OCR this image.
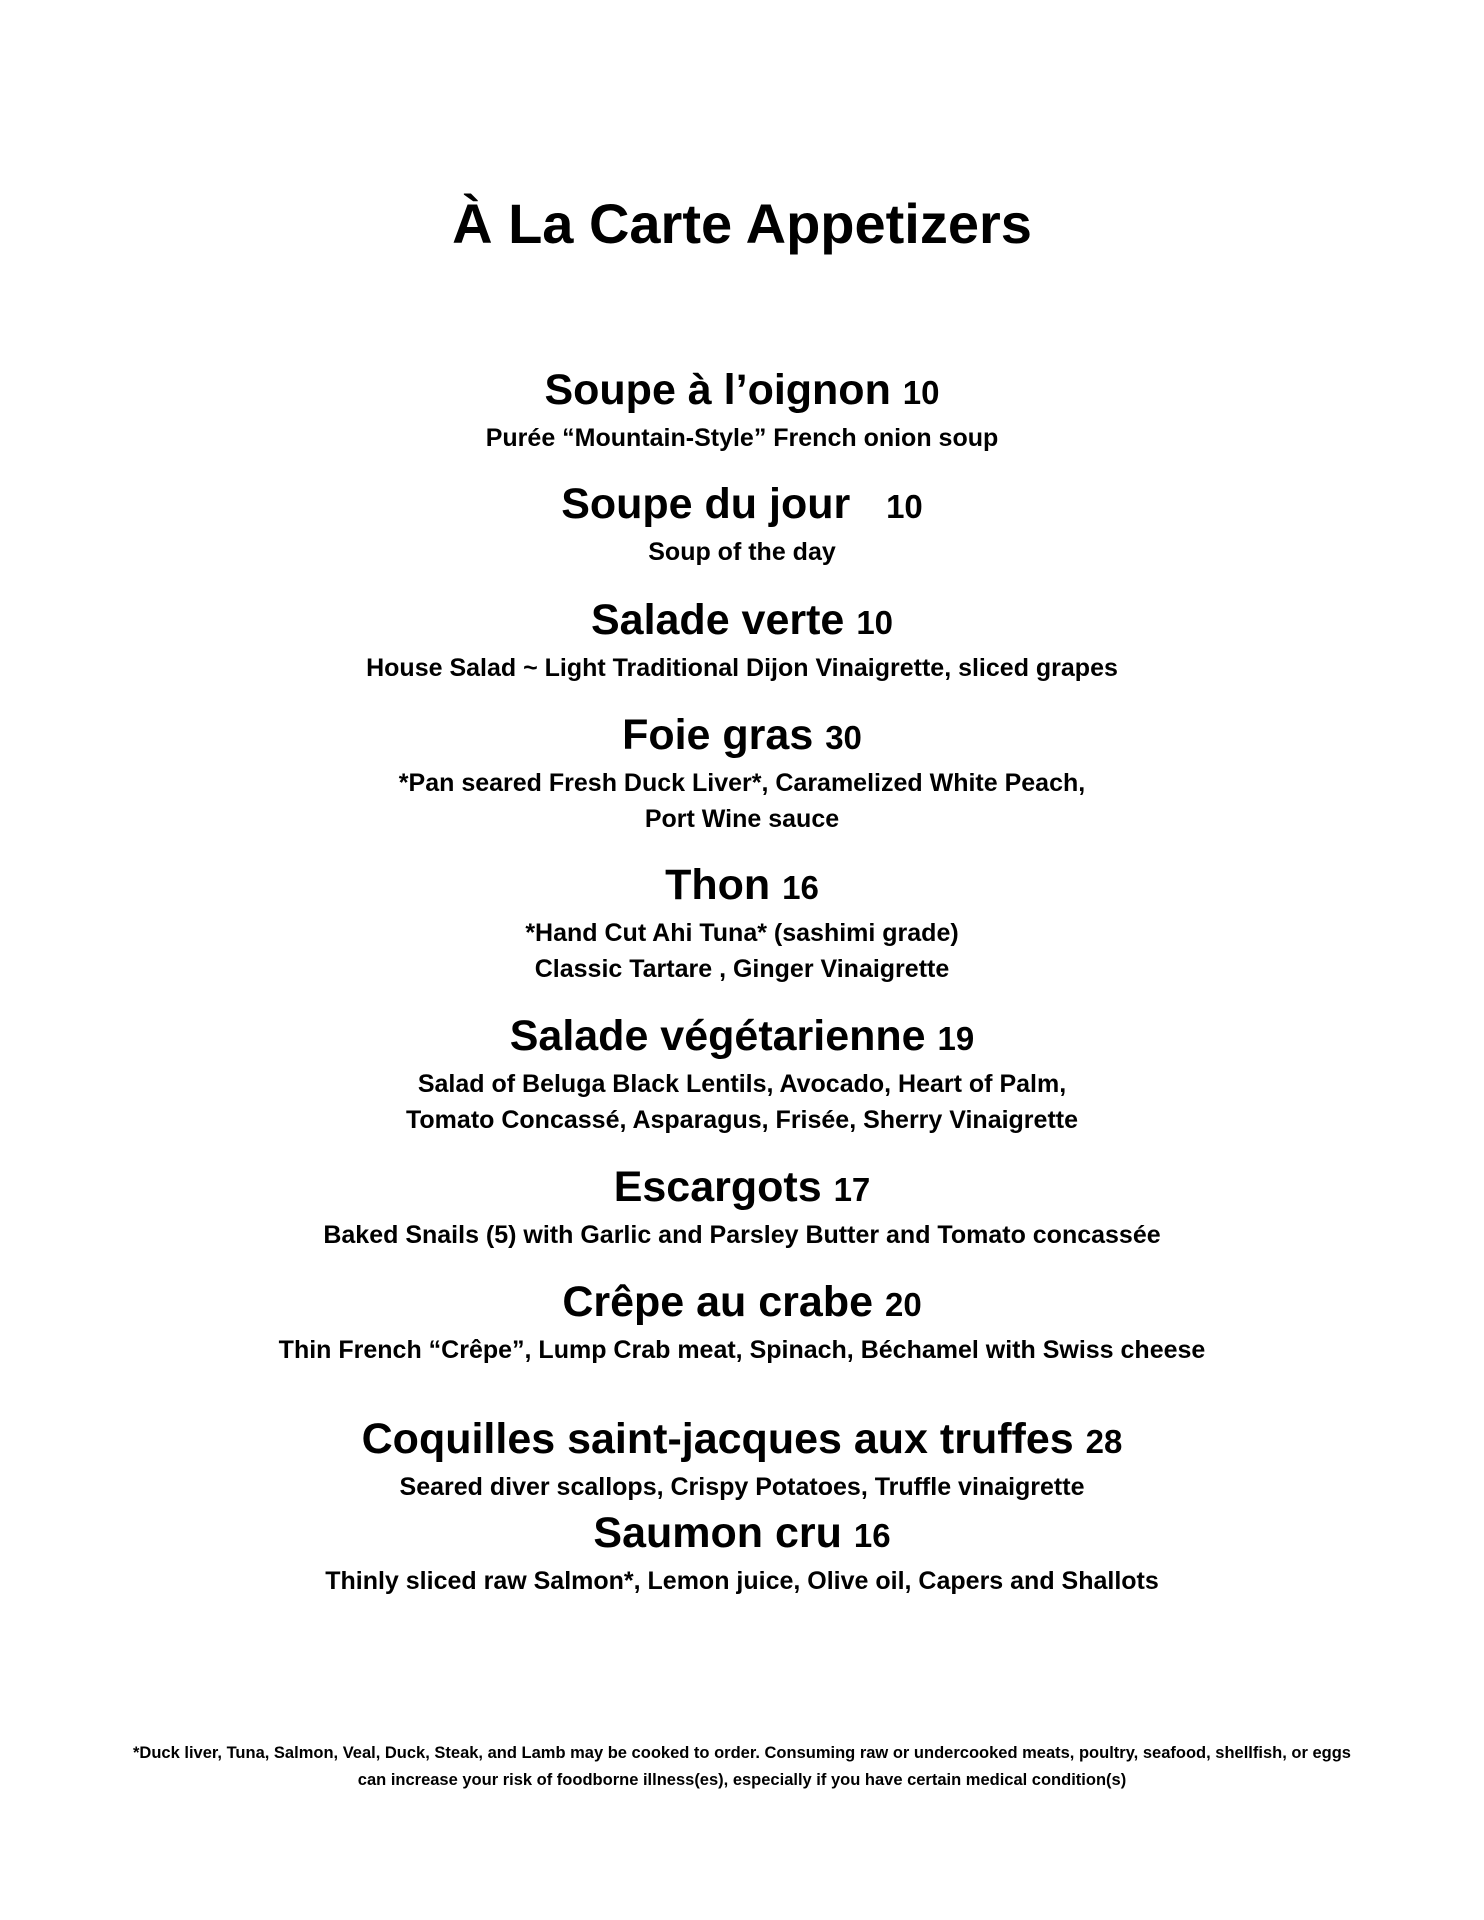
À La Carte Appetizers

Soupe à l’oignon 10

Purée “Mountain-Style” French onion soup

Soupe du jour 10

Soup of the day

Salade verte 10

House Salad ~ Light Traditional Dijon Vinaigrette, sliced grapes

Foie gras 30

*Pan seared Fresh Duck Liver*, Caramelized White Peach,

Port Wine sauce

Thon 16

*Hand Cut Ahi Tuna* (sashimi grade)

Classic Tartare , Ginger Vinaigrette

Salade végétarienne 19

Salad of Beluga Black Lentils, Avocado, Heart of Palm,

Tomato Concassé, Asparagus, Frisée, Sherry Vinaigrette

Escargots 17

Baked Snails (5) with Garlic and Parsley Butter and Tomato concassée

Crêpe au crabe 20

Thin French “Crêpe”, Lump Crab meat, Spinach, Béchamel with Swiss cheese

Coquilles saint-jacques aux truffes 28

Seared diver scallops, Crispy Potatoes, Truffle vinaigrette

Saumon cru 16

Thinly sliced raw Salmon*, Lemon juice, Olive oil, Capers and Shallots

*Duck liver, Tuna, Salmon, Veal, Duck, Steak, and Lamb may be cooked to order. Consuming raw or undercooked meats, poultry, seafood, shellfish, or eggs
can increase your risk of foodborne illness(es), especially if you have certain medical condition(s)
